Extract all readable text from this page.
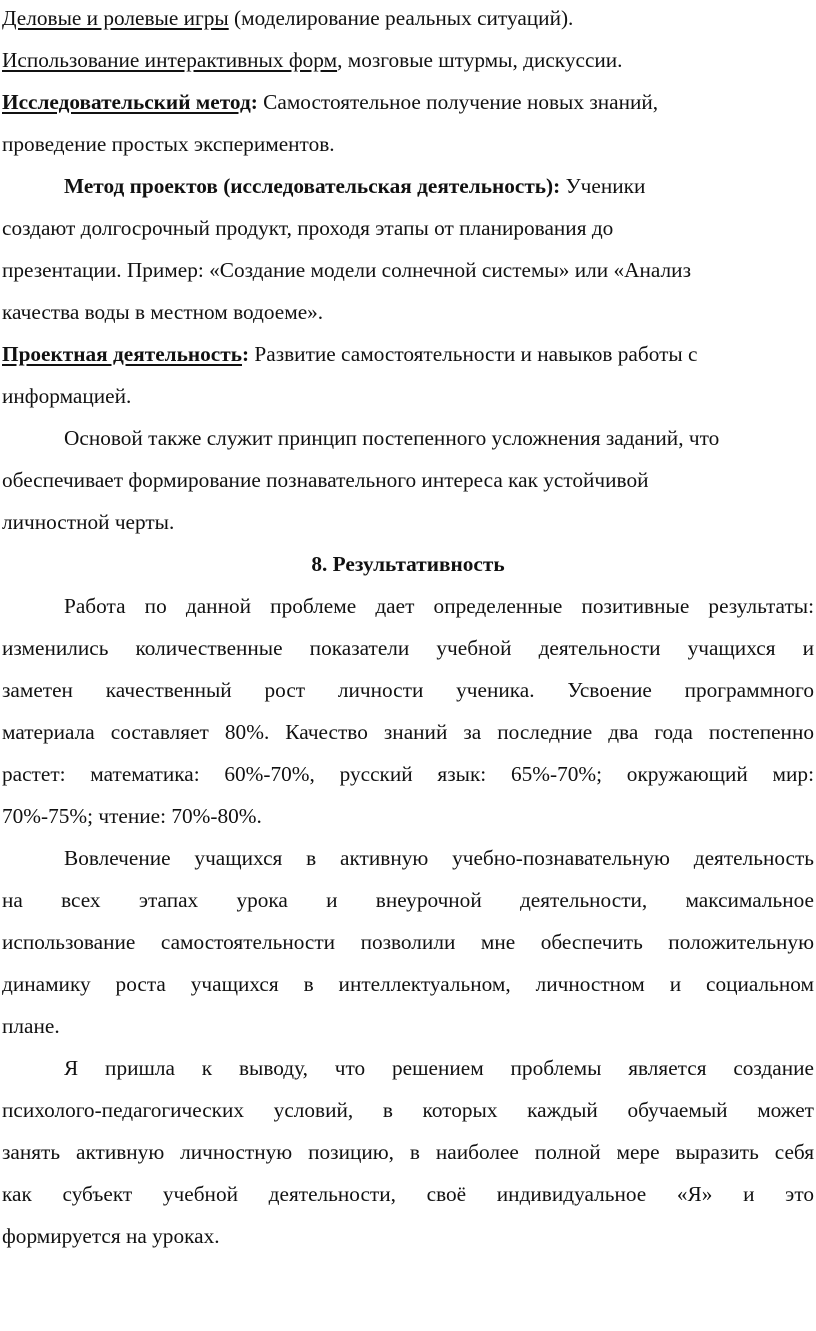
Деловые и ролевые игры (моделирование реальных ситуаций).
Использование интерактивных форм, мозговые штурмы, дискуссии.
Исследовательский метод: Самостоятельное получение новых знаний,
проведение простых экспериментов.
Метод проектов (исследовательская деятельность): Ученики
создают долгосрочный продукт, проходя этапы от планирования до
презентации. Пример: «Создание модели солнечной системы» или «Анализ
качества воды в местном водоеме».
Проектная деятельность: Развитие самостоятельности и навыков работы с
информацией.
Основой также служит принцип постепенного усложнения заданий, что
обеспечивает формирование познавательного интереса как устойчивой
личностной черты.
8. Результативность
Работа по данной проблеме дает определенные позитивные результаты:
изменились количественные показатели учебной деятельности учащихся и
заметен качественный рост личности ученика. Усвоение программного
материала составляет 80%. Качество знаний за последние два года постепенно
растет: математика: 60%-70%, русский язык: 65%-70%; окружающий мир:
70%-75%; чтение: 70%-80%.
Вовлечение учащихся в активную учебно-познавательную деятельность
на всех этапах урока и внеурочной деятельности, максимальное
использование самостоятельности позволили мне обеспечить положительную
динамику роста учащихся в интеллектуальном, личностном и социальном
плане.
Я пришла к выводу, что решением проблемы является создание
психолого-педагогических условий, в которых каждый обучаемый может
занять активную личностную позицию, в наиболее полной мере выразить себя
как субъект учебной деятельности, своё индивидуальное «Я» и это
формируется на уроках.
